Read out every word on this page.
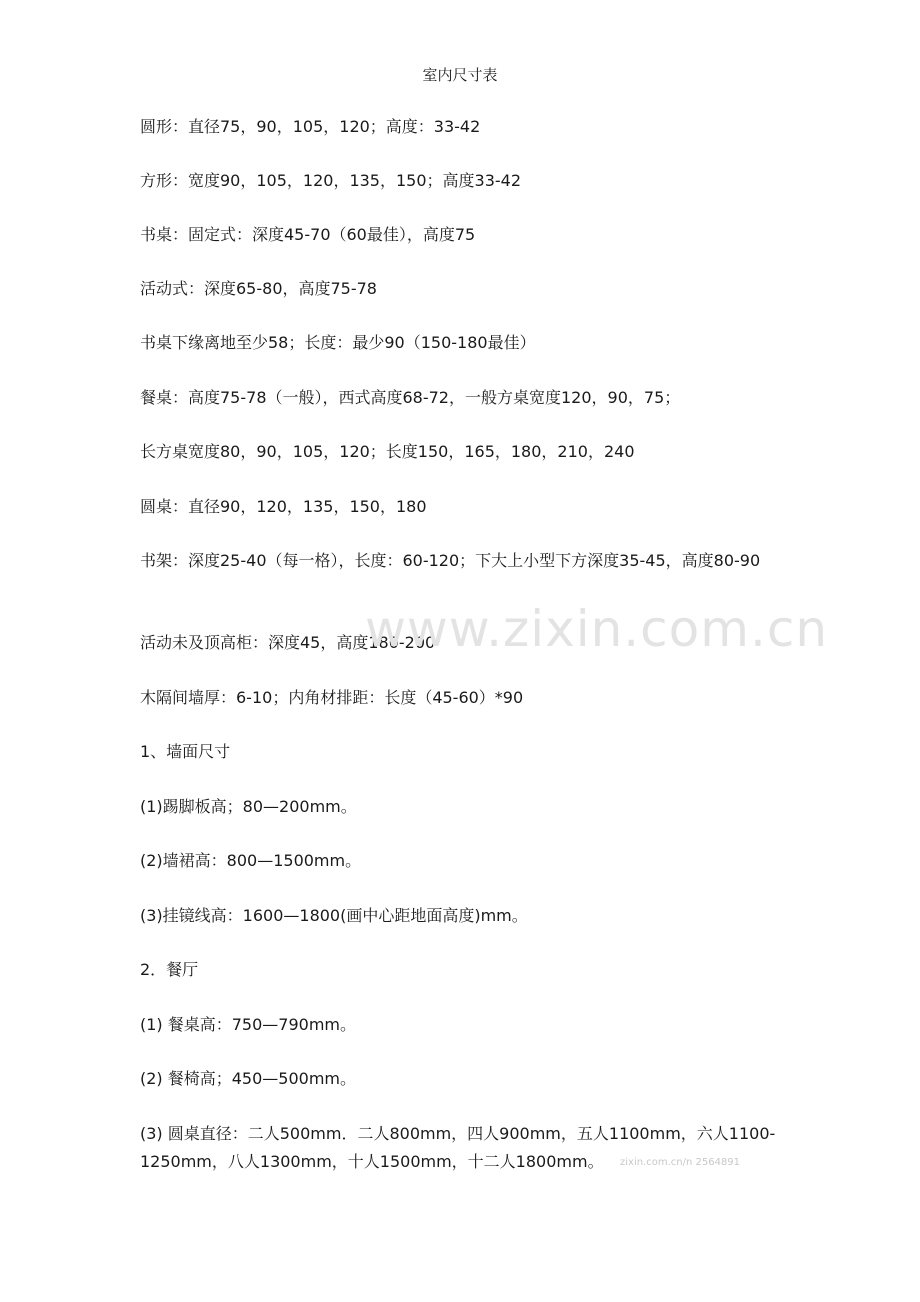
室内尺寸表
圆形：直径75，90，105，120；高度：33-42
方形：宽度90，105，120，135，150；高度33-42
书桌：固定式：深度45-70（60最佳），高度75
活动式：深度65-80，高度75-78
书桌下缘离地至少58；长度：最少90（150-180最佳）
餐桌：高度75-78（一般），西式高度68-72，一般方桌宽度120，90，75；
长方桌宽度80，90，105，120；长度150，165，180，210，240
圆桌：直径90，120，135，150，180
书架：深度25-40（每一格），长度：60-120；下大上小型下方深度35-45，高度80-90
活动未及顶高柜：深度45，高度180-200
木隔间墙厚：6-10；内角材排距：长度（45-60）*90
1、墙面尺寸
(1)踢脚板高；80—200mm。
(2)墙裙高：800—1500mm。
(3)挂镜线高：1600—1800(画中心距地面高度)mm。
2．餐厅
(1) 餐桌高：750—790mm。
(2) 餐椅高；450—500mm。
(3) 圆桌直径：二人500mm．二人800mm，四人900mm，五人1100mm，六人1100-1250mm，八人1300mm，十人1500mm，十二人1800mm。
www.zixin.com.cn
zixin.com.cn/n 2564891
